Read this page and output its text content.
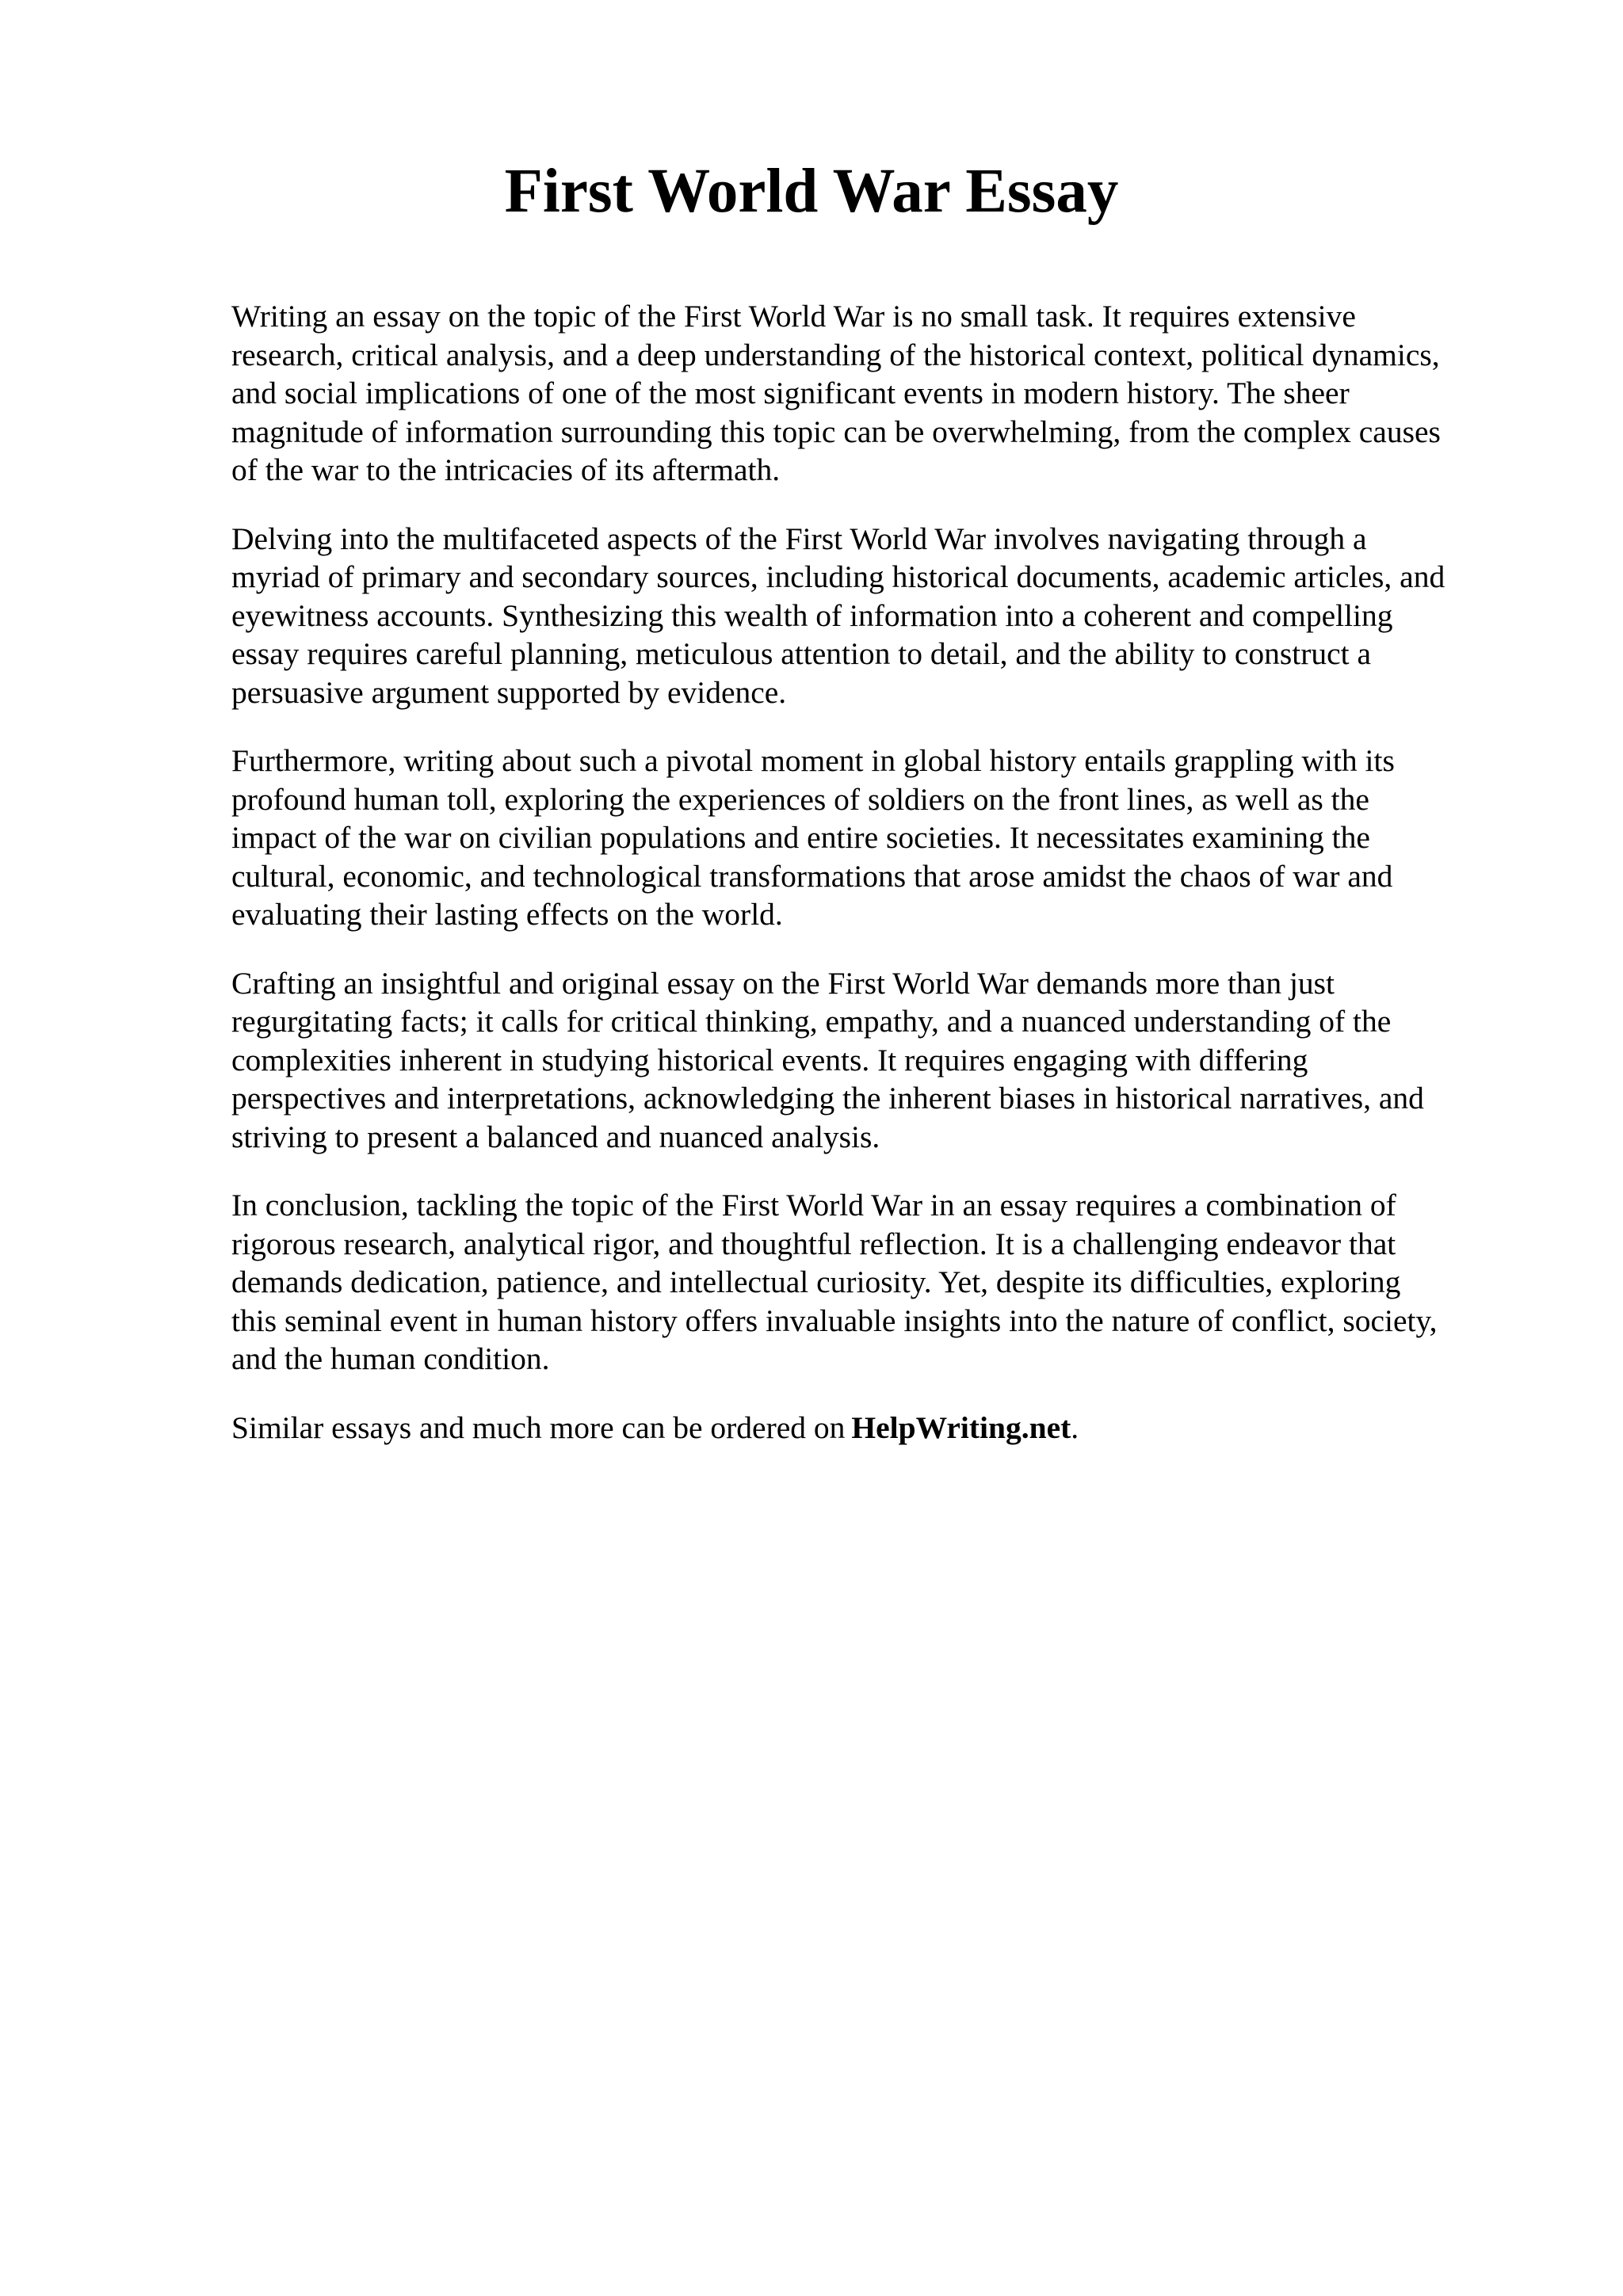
First World War Essay

Writing an essay on the topic of the First World War is no small task. It requires extensive
research, critical analysis, and a deep understanding of the historical context, political dynamics,
and social implications of one of the most significant events in modern history. The sheer
magnitude of information surrounding this topic can be overwhelming, from the complex causes
of the war to the intricacies of its aftermath.

Delving into the multifaceted aspects of the First World War involves navigating through a
myriad of primary and secondary sources, including historical documents, academic articles, and
eyewitness accounts. Synthesizing this wealth of information into a coherent and compelling
essay requires careful planning, meticulous attention to detail, and the ability to construct a
persuasive argument supported by evidence.

Furthermore, writing about such a pivotal moment in global history entails grappling with its
profound human toll, exploring the experiences of soldiers on the front lines, as well as the
impact of the war on civilian populations and entire societies. It necessitates examining the
cultural, economic, and technological transformations that arose amidst the chaos of war and
evaluating their lasting effects on the world.

Crafting an insightful and original essay on the First World War demands more than just
regurgitating facts; it calls for critical thinking, empathy, and a nuanced understanding of the
complexities inherent in studying historical events. It requires engaging with differing
perspectives and interpretations, acknowledging the inherent biases in historical narratives, and
striving to present a balanced and nuanced analysis.

In conclusion, tackling the topic of the First World War in an essay requires a combination of
rigorous research, analytical rigor, and thoughtful reflection. It is a challenging endeavor that
demands dedication, patience, and intellectual curiosity. Yet, despite its difficulties, exploring
this seminal event in human history offers invaluable insights into the nature of conflict, society,
and the human condition.

Similar essays and much more can be ordered on HelpWriting.net.
